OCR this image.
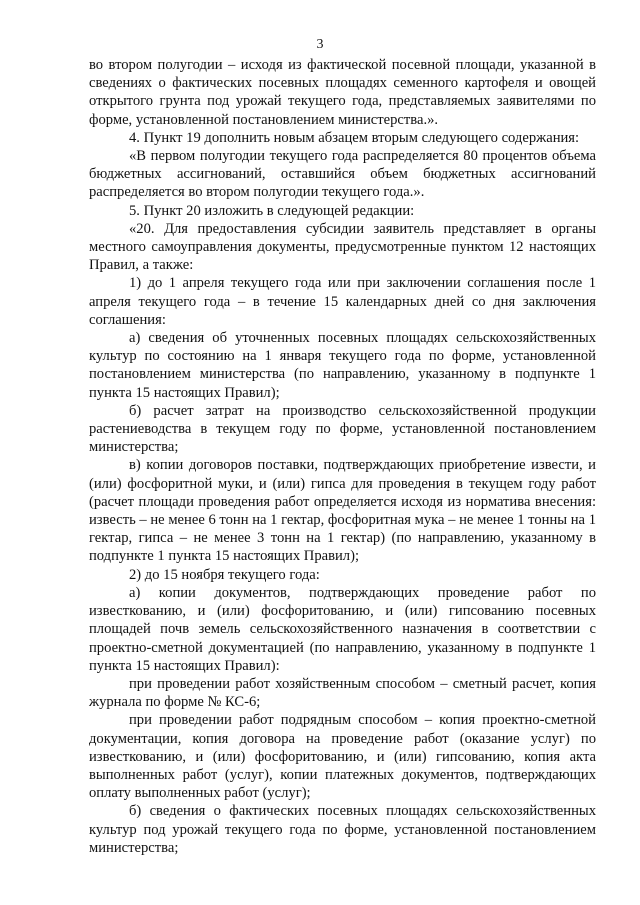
3

во втором полугодии – исходя из фактической посевной площади, указанной в сведениях о фактических посевных площадях семенного картофеля и овощей открытого грунта под урожай текущего года, представляемых заявителями по форме, установленной постановлением министерства.».

4. Пункт 19 дополнить новым абзацем вторым следующего содержания:

«В первом полугодии текущего года распределяется 80 процентов объема бюджетных ассигнований, оставшийся объем бюджетных ассигнований распределяется во втором полугодии текущего года.».

5. Пункт 20 изложить в следующей редакции:

«20. Для предоставления субсидии заявитель представляет в органы местного самоуправления документы, предусмотренные пунктом 12 настоящих Правил, а также:

1) до 1 апреля текущего года или при заключении соглашения после 1 апреля текущего года – в течение 15 календарных дней со дня заключения соглашения:

а) сведения об уточненных посевных площадях сельскохозяйственных культур по состоянию на 1 января текущего года по форме, установленной постановлением министерства (по направлению, указанному в подпункте 1 пункта 15 настоящих Правил);

б) расчет затрат на производство сельскохозяйственной продукции растениеводства в текущем году по форме, установленной постановлением министерства;

в) копии договоров поставки, подтверждающих приобретение извести, и (или) фосфоритной муки, и (или) гипса для проведения в текущем году работ (расчет площади проведения работ определяется исходя из норматива внесения: известь – не менее 6 тонн на 1 гектар, фосфоритная мука – не менее 1 тонны на 1 гектар, гипса – не менее 3 тонн на 1 гектар) (по направлению, указанному в подпункте 1 пункта 15 настоящих Правил);

2) до 15 ноября текущего года:

а) копии документов, подтверждающих проведение работ по известкованию, и (или) фосфоритованию, и (или) гипсованию посевных площадей почв земель сельскохозяйственного назначения в соответствии с проектно-сметной документацией (по направлению, указанному в подпункте 1 пункта 15 настоящих Правил):

при проведении работ хозяйственным способом – сметный расчет, копия журнала по форме № КС-6;

при проведении работ подрядным способом – копия проектно-сметной документации, копия договора на проведение работ (оказание услуг) по известкованию, и (или) фосфоритованию, и (или) гипсованию, копия акта выполненных работ (услуг), копии платежных документов, подтверждающих оплату выполненных работ (услуг);

б) сведения о фактических посевных площадях сельскохозяйственных культур под урожай текущего года по форме, установленной постановлением министерства;
